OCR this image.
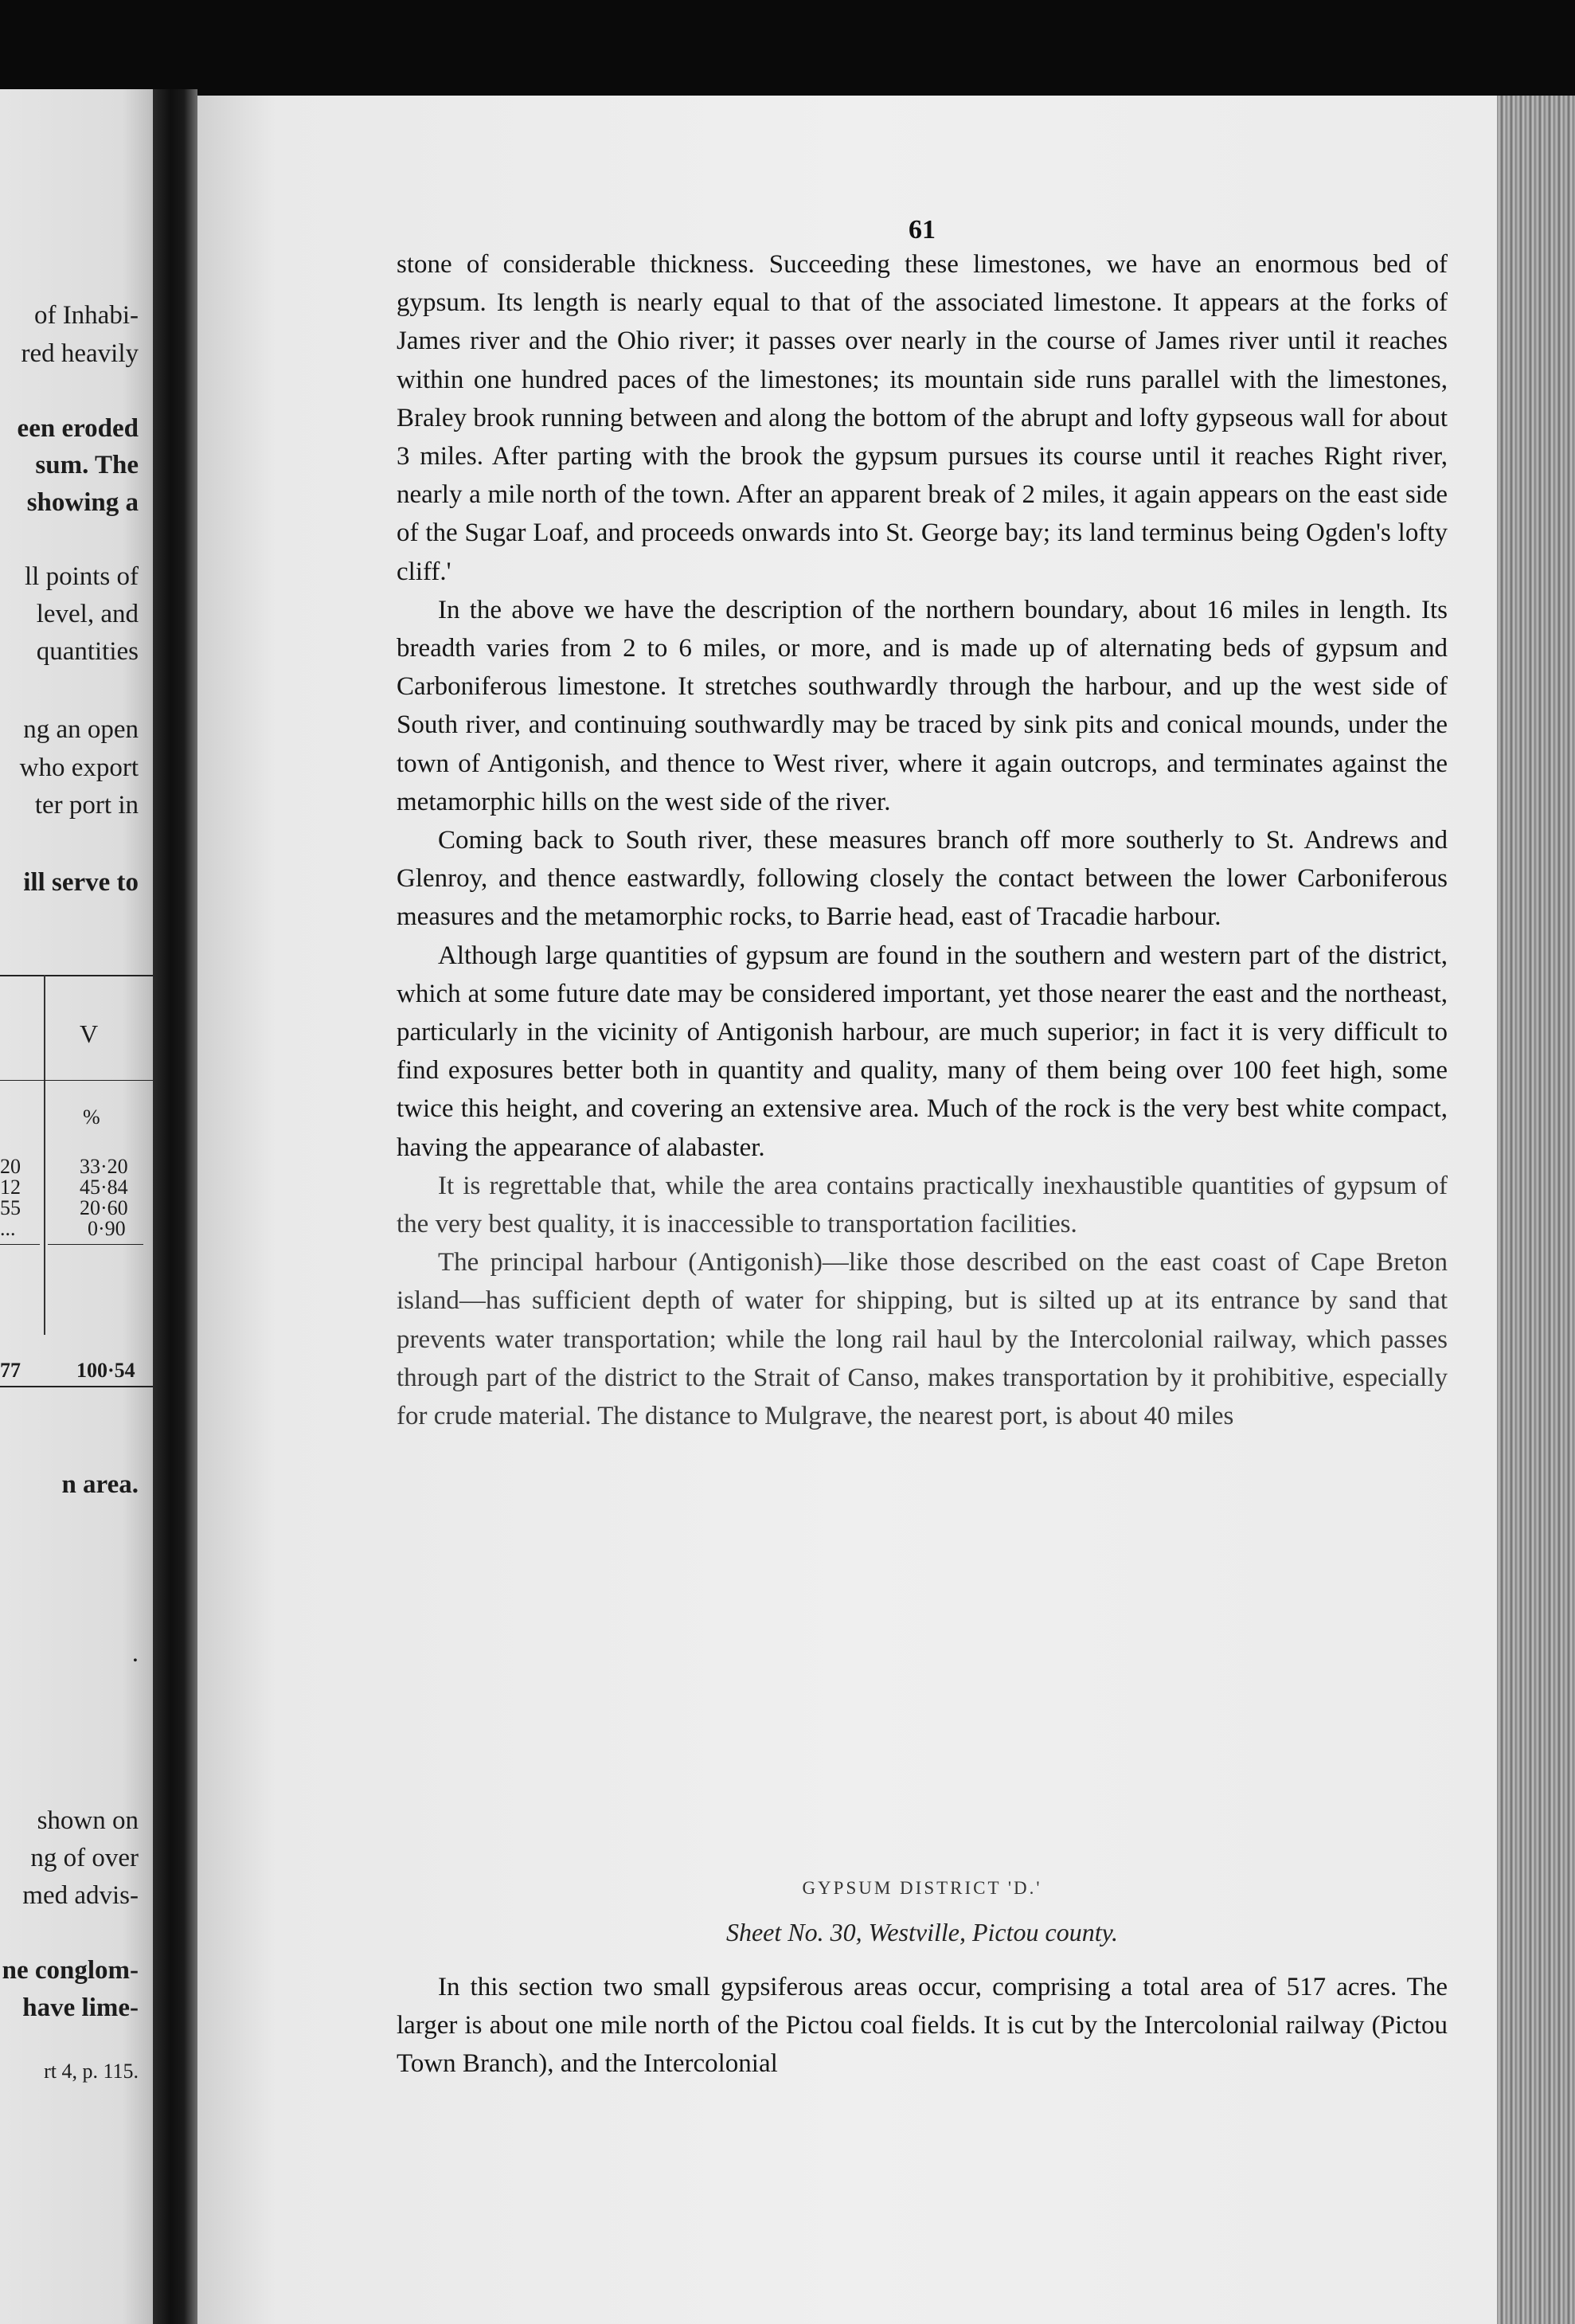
of Inhabi-
red heavily
een eroded
sum. The
showing a
ll points of
level, and
quantities
ng an open
who export
ter port in
ill serve to
V
%
20
12
55
...
33·20
45·84
20·60
0·90
77	100·54
n area.
.
shown on
ng of over
med advis-
ne conglom-
have lime-
rt 4, p. 115.
61

stone of considerable thickness. Succeeding these limestones, we have an enormous bed of gypsum. Its length is nearly equal to that of the associated limestone. It appears at the forks of James river and the Ohio river; it passes over nearly in the course of James river until it reaches within one hundred paces of the limestones; its mountain side runs parallel with the limestones, Braley brook running between and along the bottom of the abrupt and lofty gypseous wall for about 3 miles. After parting with the brook the gypsum pursues its course until it reaches Right river, nearly a mile north of the town. After an apparent break of 2 miles, it again appears on the east side of the Sugar Loaf, and proceeds onwards into St. George bay; its land terminus being Ogden's lofty cliff.'

In the above we have the description of the northern boundary, about 16 miles in length. Its breadth varies from 2 to 6 miles, or more, and is made up of alternating beds of gypsum and Carboniferous limestone. It stretches southwardly through the harbour, and up the west side of South river, and continuing southwardly may be traced by sink pits and conical mounds, under the town of Antigonish, and thence to West river, where it again outcrops, and terminates against the metamorphic hills on the west side of the river.

Coming back to South river, these measures branch off more southerly to St. Andrews and Glenroy, and thence eastwardly, following closely the contact between the lower Carboniferous measures and the metamorphic rocks, to Barrie head, east of Tracadie harbour.

Although large quantities of gypsum are found in the southern and western part of the district, which at some future date may be considered important, yet those nearer the east and the northeast, particularly in the vicinity of Antigonish harbour, are much superior; in fact it is very difficult to find exposures better both in quantity and quality, many of them being over 100 feet high, some twice this height, and covering an extensive area. Much of the rock is the very best white compact, having the appearance of alabaster.

It is regrettable that, while the area contains practically inexhaustible quantities of gypsum of the very best quality, it is inaccessible to transportation facilities.

The principal harbour (Antigonish)—like those described on the east coast of Cape Breton island—has sufficient depth of water for shipping, but is silted up at its entrance by sand that prevents water transportation; while the long rail haul by the Intercolonial railway, which passes through part of the district to the Strait of Canso, makes transportation by it prohibitive, especially for crude material. The distance to Mulgrave, the nearest port, is about 40 miles

GYPSUM DISTRICT 'D.'
Sheet No. 30, Westville, Pictou county.

In this section two small gypsiferous areas occur, comprising a total area of 517 acres. The larger is about one mile north of the Pictou coal fields. It is cut by the Intercolonial railway (Pictou Town Branch), and the Intercolonial
